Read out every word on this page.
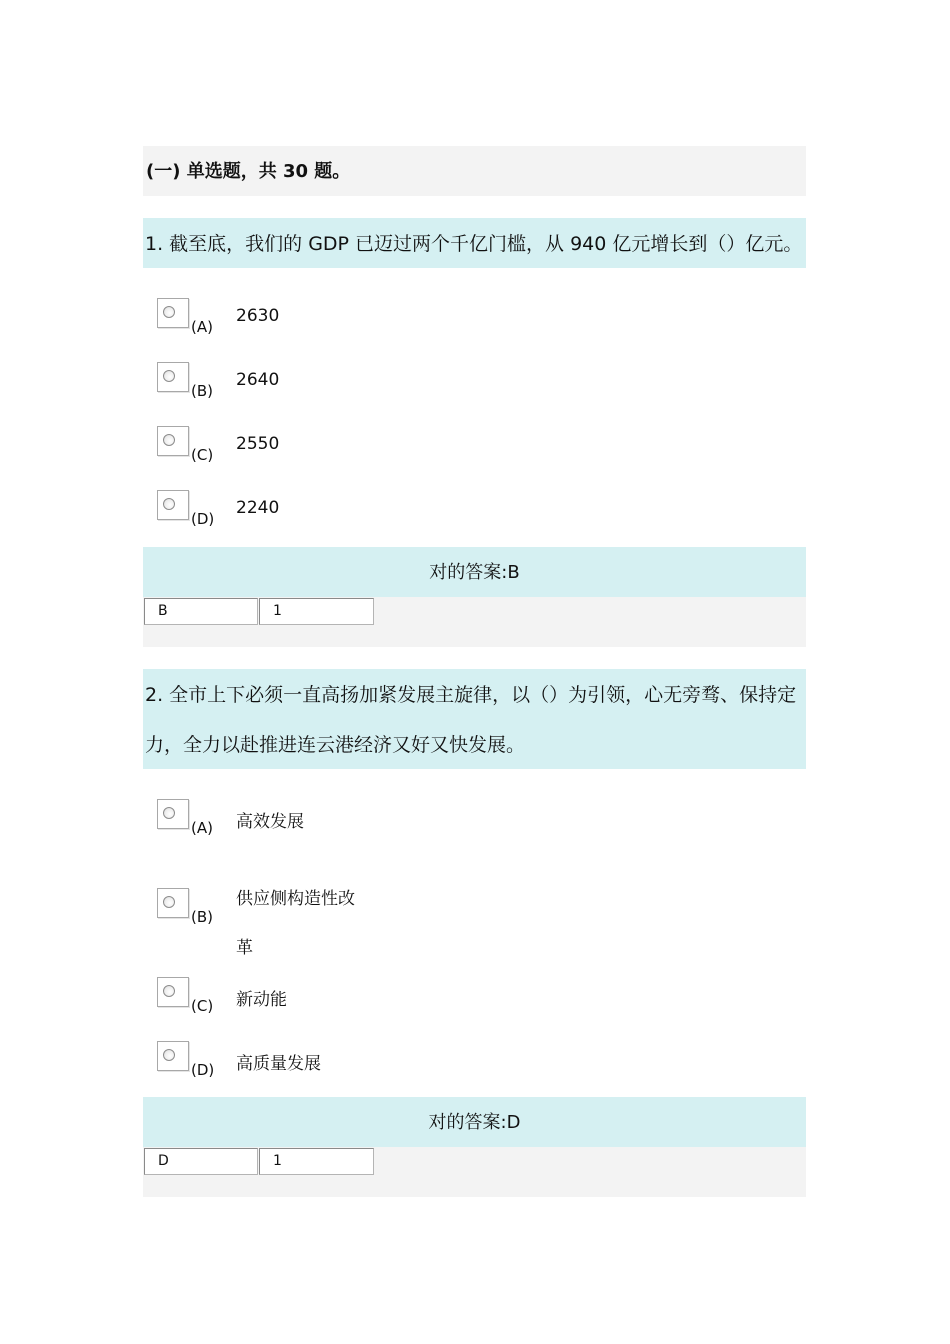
(一) 单选题，共 30 题。
1. 截至底，我们的 GDP 已迈过两个千亿门槛，从 940 亿元增长到（）亿元。
(A)
2630
(B)
2640
(C)
2550
(D)
2240
对的答案:B
B	1
2. 全市上下必须一直高扬加紧发展主旋律，以（）为引领，心无旁骛、保持定力，全力以赴推进连云港经济又好又快发展。
(A) 高效发展
(B)
供应侧构造性改革
(C) 新动能
(D) 高质量发展
对的答案:D
D	1
